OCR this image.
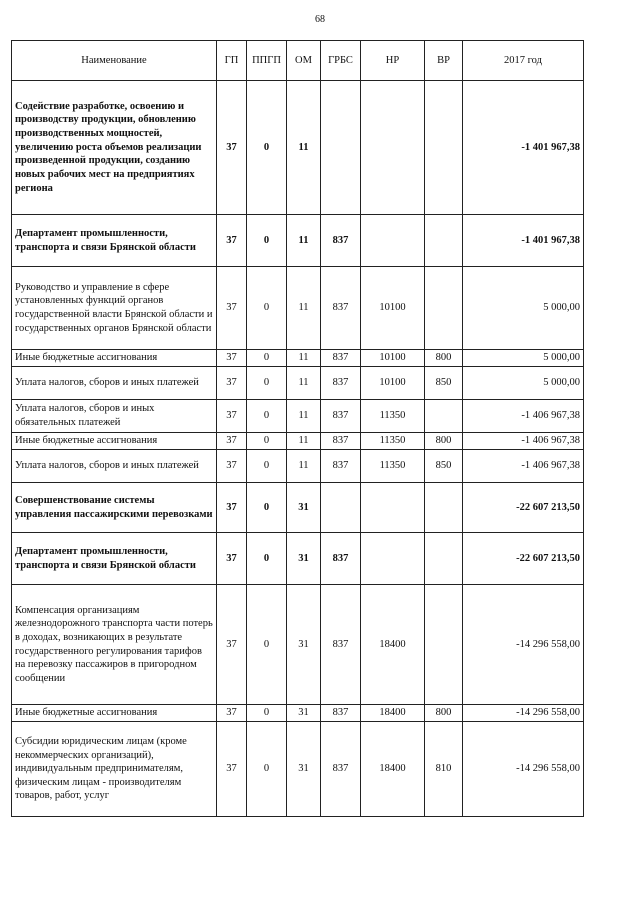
68
Наименование	ГП	ППГП	ОМ	ГРБС	НР	ВР	2017 год
Содействие разработке, освоению и производству продукции, обновлению производственных мощностей, увеличению роста объемов реализации произведенной продукции, созданию новых рабочих мест на предприятиях региона	37	0	11				-1 401 967,38
Департамент промышленности, транспорта и связи Брянской области	37	0	11	837			-1 401 967,38
Руководство и управление в сфере установленных функций органов государственной власти Брянской области и государственных органов Брянской области	37	0	11	837	10100		5 000,00
Иные бюджетные ассигнования	37	0	11	837	10100	800	5 000,00
Уплата налогов, сборов и иных платежей	37	0	11	837	10100	850	5 000,00
Уплата налогов, сборов и иных обязательных платежей	37	0	11	837	11350		-1 406 967,38
Иные бюджетные ассигнования	37	0	11	837	11350	800	-1 406 967,38
Уплата налогов, сборов и иных платежей	37	0	11	837	11350	850	-1 406 967,38
Совершенствование системы управления пассажирскими перевозками	37	0	31				-22 607 213,50
Департамент промышленности, транспорта и связи Брянской области	37	0	31	837			-22 607 213,50
Компенсация организациям железнодорожного транспорта части потерь в доходах, возникающих в результате государственного регулирования тарифов на перевозку пассажиров в пригородном сообщении	37	0	31	837	18400		-14 296 558,00
Иные бюджетные ассигнования	37	0	31	837	18400	800	-14 296 558,00
Субсидии юридическим лицам (кроме некоммерческих организаций), индивидуальным предпринимателям, физическим лицам - производителям товаров, работ, услуг	37	0	31	837	18400	810	-14 296 558,00
